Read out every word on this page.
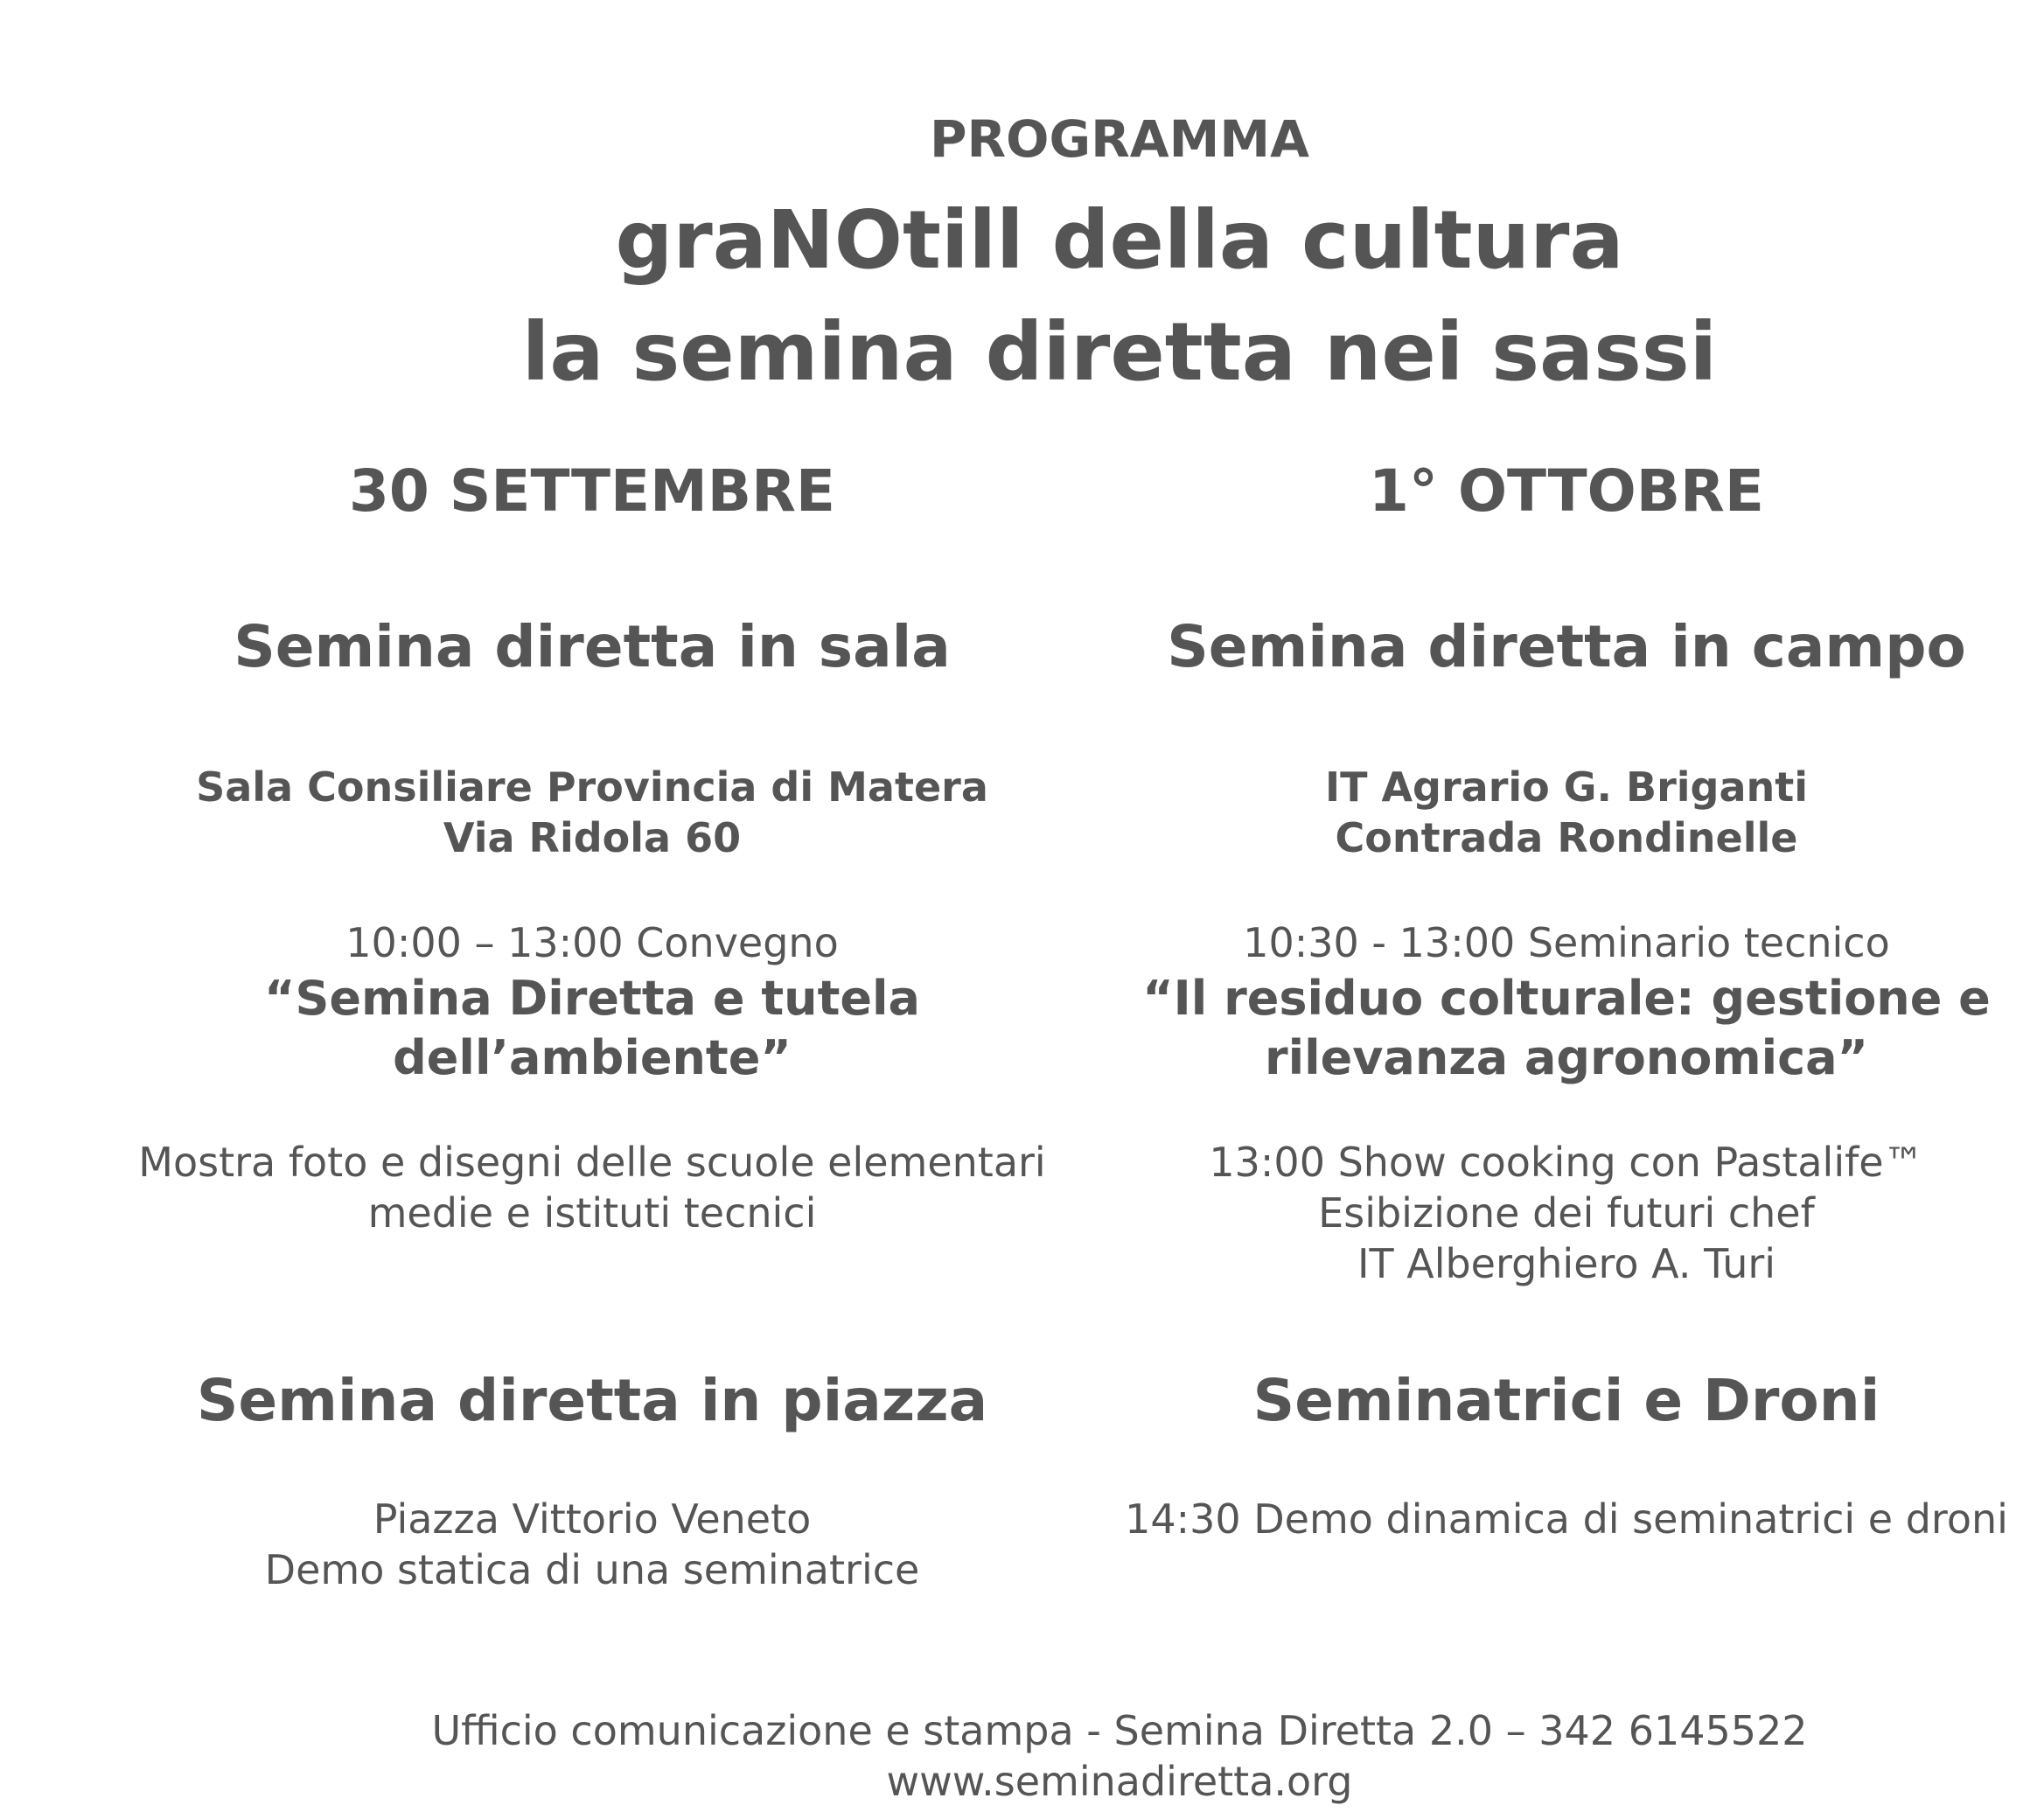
PROGRAMMA
graNOtill della cultura
la semina diretta nei sassi
30 SETTEMBRE
Semina diretta in sala
Sala Consiliare Provincia di Matera
Via Ridola 60
10:00 – 13:00 Convegno
“Semina Diretta e tutela
dell’ambiente”
Mostra foto e disegni delle scuole elementari
medie e istituti tecnici
Semina diretta in piazza
Piazza Vittorio Veneto
Demo statica di una seminatrice
1° OTTOBRE
Semina diretta in campo
IT Agrario G. Briganti
Contrada Rondinelle
10:30 - 13:00 Seminario tecnico
“Il residuo colturale: gestione e
rilevanza agronomica”
13:00 Show cooking con Pastalife™
Esibizione dei futuri chef
IT Alberghiero A. Turi
Seminatrici e Droni
14:30 Demo dinamica di seminatrici e droni
Ufficio comunicazione e stampa - Semina Diretta 2.0 – 342 6145522
www.seminadiretta.org
